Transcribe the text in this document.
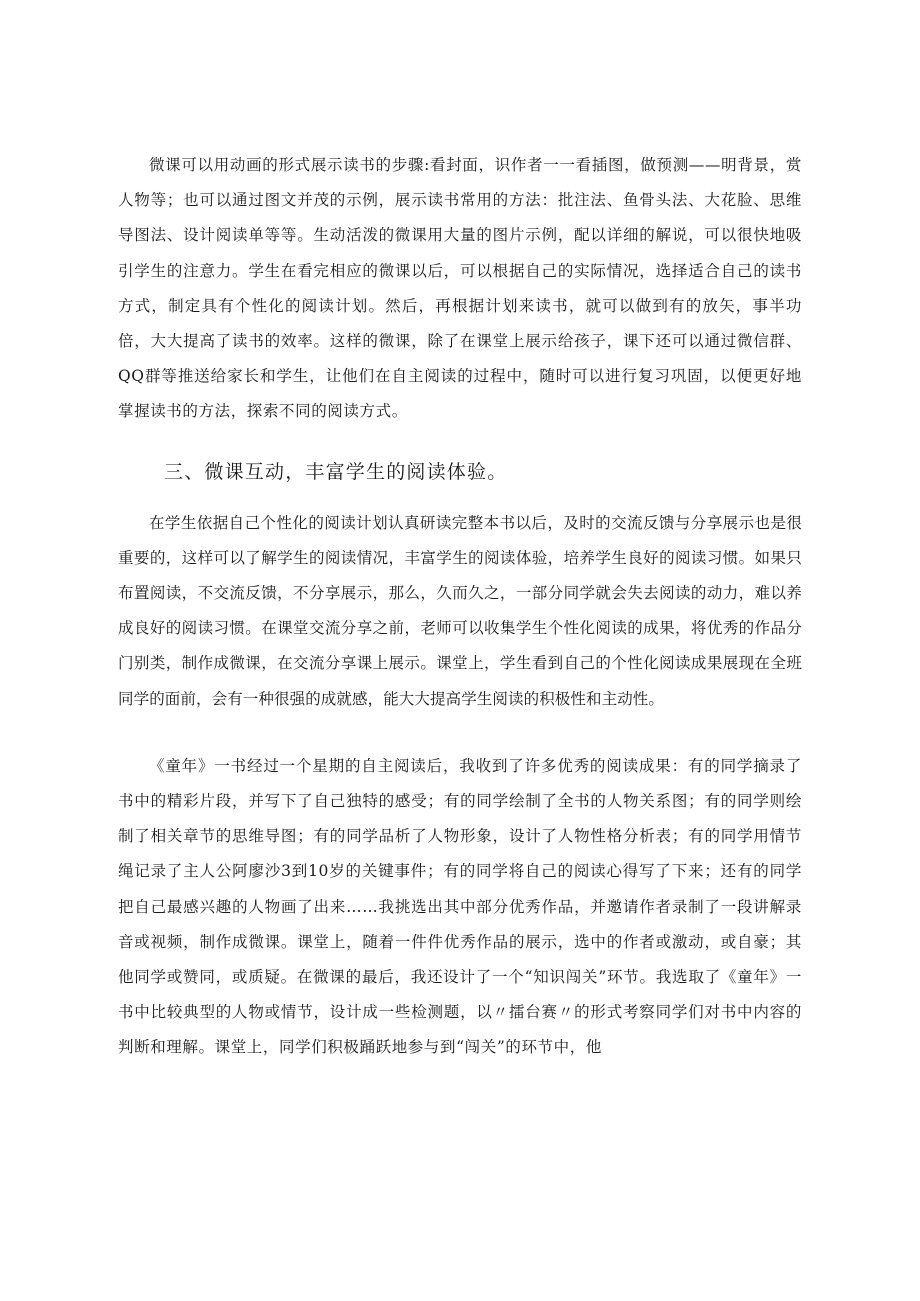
微课可以用动画的形式展示读书的步骤:看封面，识作者一一看插图，做预测——明背景，赏人物等；也可以通过图文并茂的示例，展示读书常用的方法：批注法、鱼骨头法、大花脸、思维导图法、设计阅读单等等。生动活泼的微课用大量的图片示例，配以详细的解说，可以很快地吸引学生的注意力。学生在看完相应的微课以后，可以根据自己的实际情况，选择适合自己的读书方式，制定具有个性化的阅读计划。然后，再根据计划来读书，就可以做到有的放矢，事半功倍，大大提高了读书的效率。这样的微课，除了在课堂上展示给孩子，课下还可以通过微信群、QQ群等推送给家长和学生，让他们在自主阅读的过程中，随时可以进行复习巩固，以便更好地掌握读书的方法，探索不同的阅读方式。

三、微课互动，丰富学生的阅读体验。

在学生依据自己个性化的阅读计划认真研读完整本书以后，及时的交流反馈与分享展示也是很重要的，这样可以了解学生的阅读情况，丰富学生的阅读体验，培养学生良好的阅读习惯。如果只布置阅读，不交流反馈，不分享展示，那么，久而久之，一部分同学就会失去阅读的动力，难以养成良好的阅读习惯。在课堂交流分享之前，老师可以收集学生个性化阅读的成果，将优秀的作品分门别类，制作成微课，在交流分享课上展示。课堂上，学生看到自己的个性化阅读成果展现在全班同学的面前，会有一种很强的成就感，能大大提高学生阅读的积极性和主动性。

《童年》一书经过一个星期的自主阅读后，我收到了许多优秀的阅读成果：有的同学摘录了书中的精彩片段，并写下了自己独特的感受；有的同学绘制了全书的人物关系图；有的同学则绘制了相关章节的思维导图；有的同学品析了人物形象，设计了人物性格分析表；有的同学用情节绳记录了主人公阿廖沙3到10岁的关键事件；有的同学将自己的阅读心得写了下来；还有的同学把自己最感兴趣的人物画了出来……我挑选出其中部分优秀作品，并邀请作者录制了一段讲解录音或视频，制作成微课。课堂上，随着一件件优秀作品的展示，选中的作者或激动，或自豪；其他同学或赞同，或质疑。在微课的最后，我还设计了一个“知识闯关”环节。我选取了《童年》一书中比较典型的人物或情节，设计成一些检测题，以〃擂台赛〃的形式考察同学们对书中内容的判断和理解。课堂上，同学们积极踊跃地参与到“闯关”的环节中，他
